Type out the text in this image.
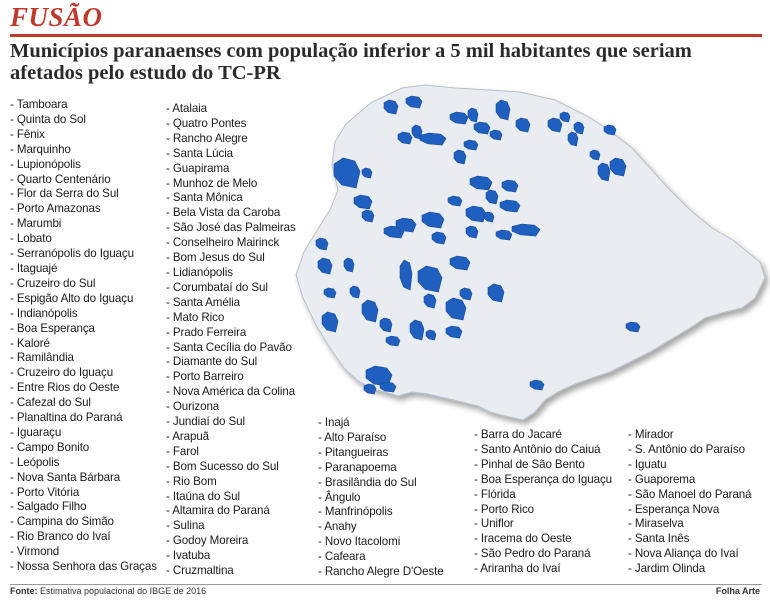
FUSÃO
Municípios paranaenses com população inferior a 5 mil habitantes que seriam afetados pelo estudo do TC-PR
- Tamboara
- Quinta do Sol
- Fênix
- Marquinho
- Lupionópolis
- Quarto Centenário
- Flor da Serra do Sul
- Porto Amazonas
- Marumbi
- Lobato
- Serranópolis do Iguaçu
- Itaguajé
- Cruzeiro do Sul
- Espigão Alto do Iguaçu
- Indianópolis
- Boa Esperança
- Kaloré
- Ramilândia
- Cruzeiro do Iguaçu
- Entre Rios do Oeste
- Cafezal do Sul
- Planaltina do Paraná
- Iguaraçu
- Campo Bonito
- Leópolis
- Nova Santa Bárbara
- Porto Vitória
- Salgado Filho
- Campina do Simão
- Rio Branco do Ivaí
- Virmond
- Nossa Senhora das Graças
- Atalaia
- Quatro Pontes
- Rancho Alegre
- Santa Lúcia
- Guapirama
- Munhoz de Melo
- Santa Mônica
- Bela Vista da Caroba
- São José das Palmeiras
- Conselheiro Mairinck
- Bom Jesus do Sul
- Lidianópolis
- Corumbataí do Sul
- Santa Amélia
- Mato Rico
- Prado Ferreira
- Santa Cecília do Pavão
- Diamante do Sul
- Porto Barreiro
- Nova América da Colina
- Ourizona
- Jundiaí do Sul
- Arapuã
- Farol
- Bom Sucesso do Sul
- Rio Bom
- Itaúna do Sul
- Altamira do Paraná
- Sulina
- Godoy Moreira
- Ivatuba
- Cruzmaltina
- Inajá
- Alto Paraíso
- Pitangueiras
- Paranapoema
- Brasilândia do Sul
- Ângulo
- Manfrinópolis
- Anahy
- Novo Itacolomi
- Cafeara
- Rancho Alegre D'Oeste
- Barra do Jacaré
- Santo Antônio do Caiuá
- Pinhal de São Bento
- Boa Esperança do Iguaçu
- Flórida
- Porto Rico
- Uniflor
- Iracema do Oeste
- São Pedro do Paraná
- Ariranha do Ivaí
- Mirador
- S. Antônio do Paraíso
- Iguatu
- Guaporema
- São Manoel do Paraná
- Esperança Nova
- Miraselva
- Santa Inês
- Nova Aliança do Ivaí
- Jardim Olinda
Fonte: Estimativa populacional do IBGE de 2016	Folha Arte
